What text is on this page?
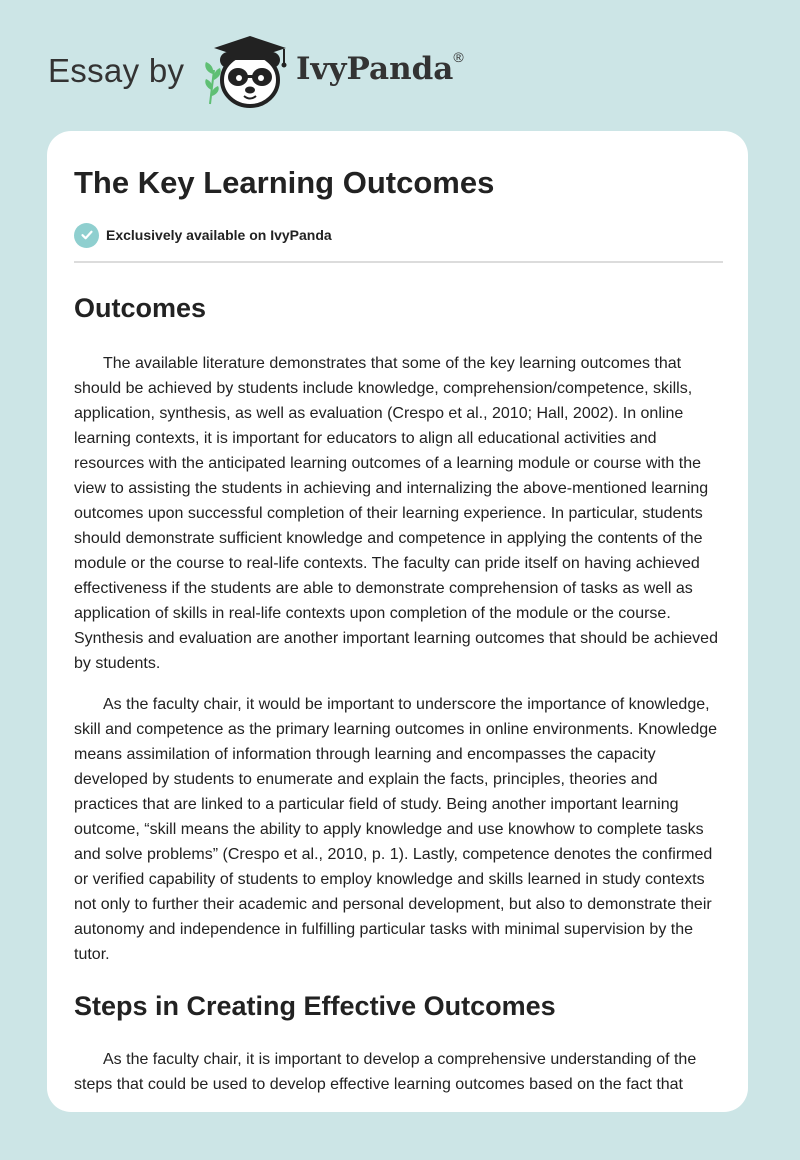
Essay by	IvyPanda®
The Key Learning Outcomes
Exclusively available on IvyPanda
Outcomes

The available literature demonstrates that some of the key learning outcomes that should be achieved by students include knowledge, comprehension/competence, skills, application, synthesis, as well as evaluation (Crespo et al., 2010; Hall, 2002). In online learning contexts, it is important for educators to align all educational activities and resources with the anticipated learning outcomes of a learning module or course with the view to assisting the students in achieving and internalizing the above-mentioned learning outcomes upon successful completion of their learning experience. In particular, students should demonstrate sufficient knowledge and competence in applying the contents of the module or the course to real-life contexts. The faculty can pride itself on having achieved effectiveness if the students are able to demonstrate comprehension of tasks as well as application of skills in real-life contexts upon completion of the module or the course. Synthesis and evaluation are another important learning outcomes that should be achieved by students.

As the faculty chair, it would be important to underscore the importance of knowledge, skill and competence as the primary learning outcomes in online environments. Knowledge means assimilation of information through learning and encompasses the capacity developed by students to enumerate and explain the facts, principles, theories and practices that are linked to a particular field of study. Being another important learning outcome, “skill means the ability to apply knowledge and use knowhow to complete tasks and solve problems” (Crespo et al., 2010, p. 1). Lastly, competence denotes the confirmed or verified capability of students to employ knowledge and skills learned in study contexts not only to further their academic and personal development, but also to demonstrate their autonomy and independence in fulfilling particular tasks with minimal supervision by the tutor.

Steps in Creating Effective Outcomes

As the faculty chair, it is important to develop a comprehensive understanding of the steps that could be used to develop effective learning outcomes based on the fact that
